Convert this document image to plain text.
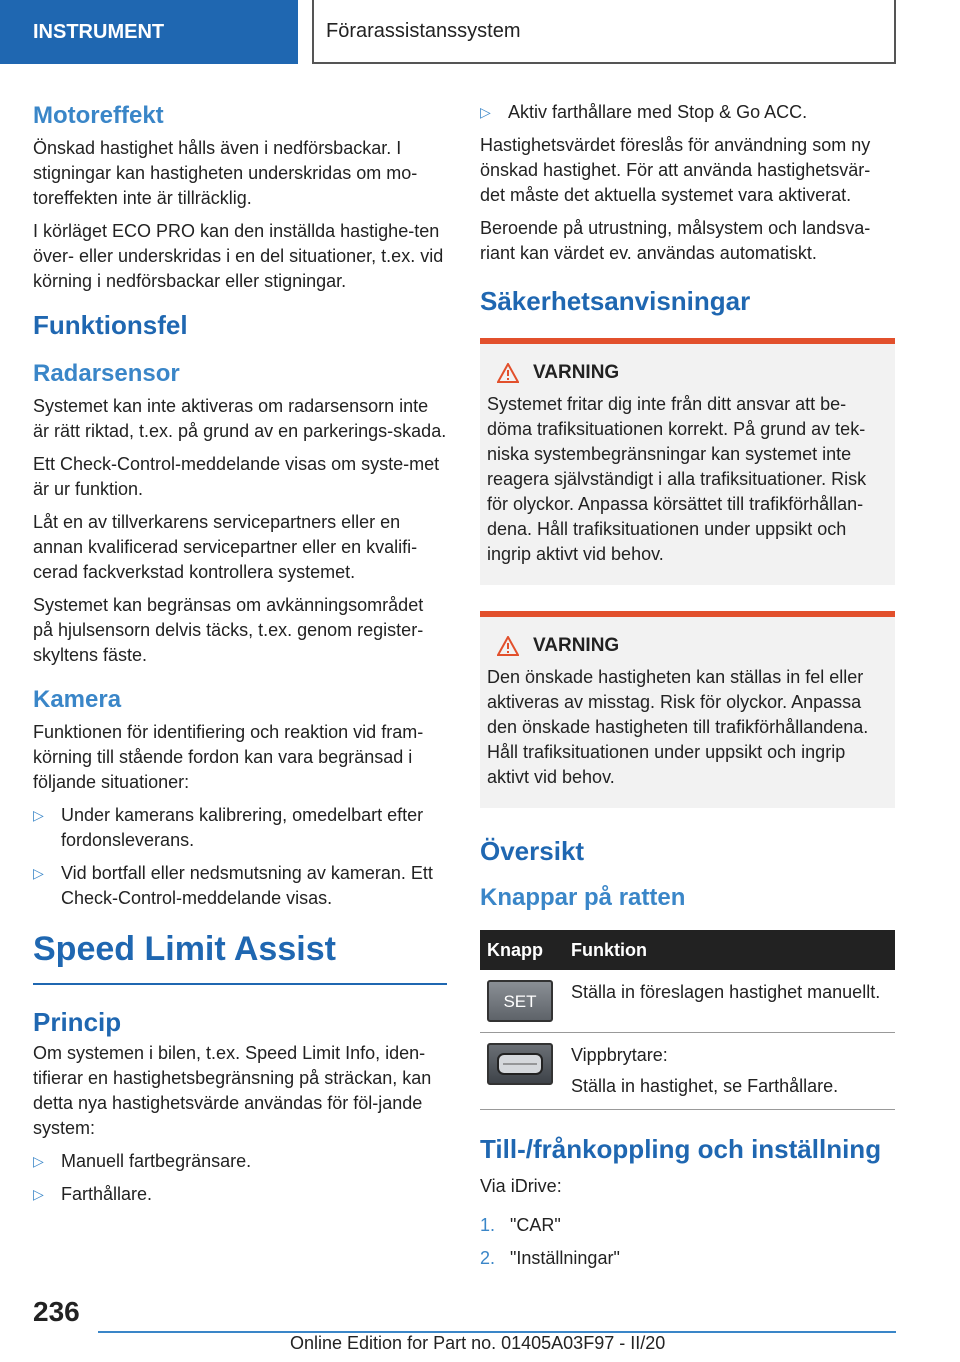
INSTRUMENT	Förarassistanssystem
Motoreffekt

Önskad hastighet hålls även i nedförsbackar. I stigningar kan hastigheten underskridas om mo‐toreffekten inte är tillräcklig.

I körläget ECO PRO kan den inställda hastighe‐ten över- eller underskridas i en del situationer, t.ex. vid körning i nedförsbackar eller stigningar.

Funktionsfel
Radarsensor

Systemet kan inte aktiveras om radarsensorn inte är rätt riktad, t.ex. på grund av en parkerings‐skada.

Ett Check-Control-meddelande visas om syste‐met är ur funktion.

Låt en av tillverkarens servicepartners eller en annan kvalificerad servicepartner eller en kvalifi‐cerad fackverkstad kontrollera systemet.

Systemet kan begränsas om avkänningsområdet på hjulsensorn delvis täcks, t.ex. genom register‐skyltens fäste.

Kamera

Funktionen för identifiering och reaktion vid fram‐körning till stående fordon kan vara begränsad i följande situationer:

▷ Under kamerans kalibrering, omedelbart efter fordonsleverans.
▷ Vid bortfall eller nedsmutsning av kameran. Ett Check-Control-meddelande visas.
Speed Limit Assist
Princip

Om systemen i bilen, t.ex. Speed Limit Info, iden‐tifierar en hastighetsbegränsning på sträckan, kan detta nya hastighetsvärde användas för föl‐jande system:

▷ Manuell fartbegränsare.
▷ Farthållare.
▷ Aktiv farthållare med Stop & Go ACC.

Hastighetsvärdet föreslås för användning som ny önskad hastighet. För att använda hastighetsvär‐det måste det aktuella systemet vara aktiverat.

Beroende på utrustning, målsystem och landsva‐riant kan värdet ev. användas automatiskt.

Säkerhetsanvisningar
VARNING

Systemet fritar dig inte från ditt ansvar att be‐döma trafiksituationen korrekt. På grund av tek‐niska systembegränsningar kan systemet inte reagera självständigt i alla trafiksituationer. Risk för olyckor. Anpassa körsättet till trafikförhållan‐dena. Håll trafiksituationen under uppsikt och ingrip aktivt vid behov.

VARNING

Den önskade hastigheten kan ställas in fel eller aktiveras av misstag. Risk för olyckor. Anpassa den önskade hastigheten till trafikförhållandena. Håll trafiksituationen under uppsikt och ingrip aktivt vid behov.

Översikt
Knappar på ratten
Knapp	Funktion

SET	Ställa in föreslagen hastighet manuellt.

Vippbrytare:
Ställa in hastighet, se Farthållare.
Till-/frånkoppling och inställning

Via iDrive:

1. "CAR"
2. "Inställningar"
236
Online Edition for Part no. 01405A03F97 - II/20
